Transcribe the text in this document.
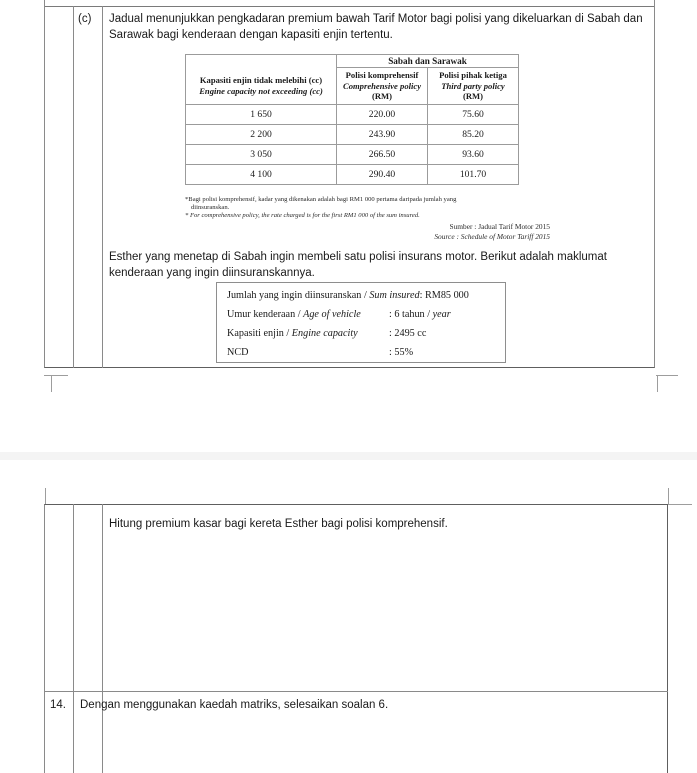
(c)	Jadual menunjukkan pengkadaran premium bawah Tarif Motor bagi polisi yang dikeluarkan di Sabah dan Sarawak bagi kenderaan dengan kapasiti enjin tertentu.
	Sabah dan Sarawak	
Kapasiti enjin tidak melebihi (cc)
Engine capacity not exceeding (cc)	Polisi komprehensif
Comprehensive policy
(RM)	Polisi pihak ketiga
Third party policy
(RM)
1 650	220.00	75.60
2 200	243.90	85.20
3 050	266.50	93.60
4 100	290.40	101.70
*Bagi polisi komprehensif, kadar yang dikenakan adalah bagi RM1 000 pertama daripada jumlah yang
diinsuranskan.
* For comprehensive policy, the rate charged is for the first RM1 000 of the sum insured.
Sumber : Jadual Tarif Motor 2015
Source : Schedule of Motor Tariff 2015
Esther yang menetap di Sabah ingin membeli satu polisi insurans motor. Berikut adalah maklumat kenderaan yang ingin diinsuranskannya.
Jumlah yang ingin diinsuranskan / Sum insured: RM85 000
Umur kenderaan / Age of vehicle	: 6 tahun / year
Kapasiti enjin / Engine capacity	: 2495 cc
NCD	: 55%
Hitung premium kasar bagi kereta Esther bagi polisi komprehensif.
14.	Dengan menggunakan kaedah matriks, selesaikan soalan 6.
